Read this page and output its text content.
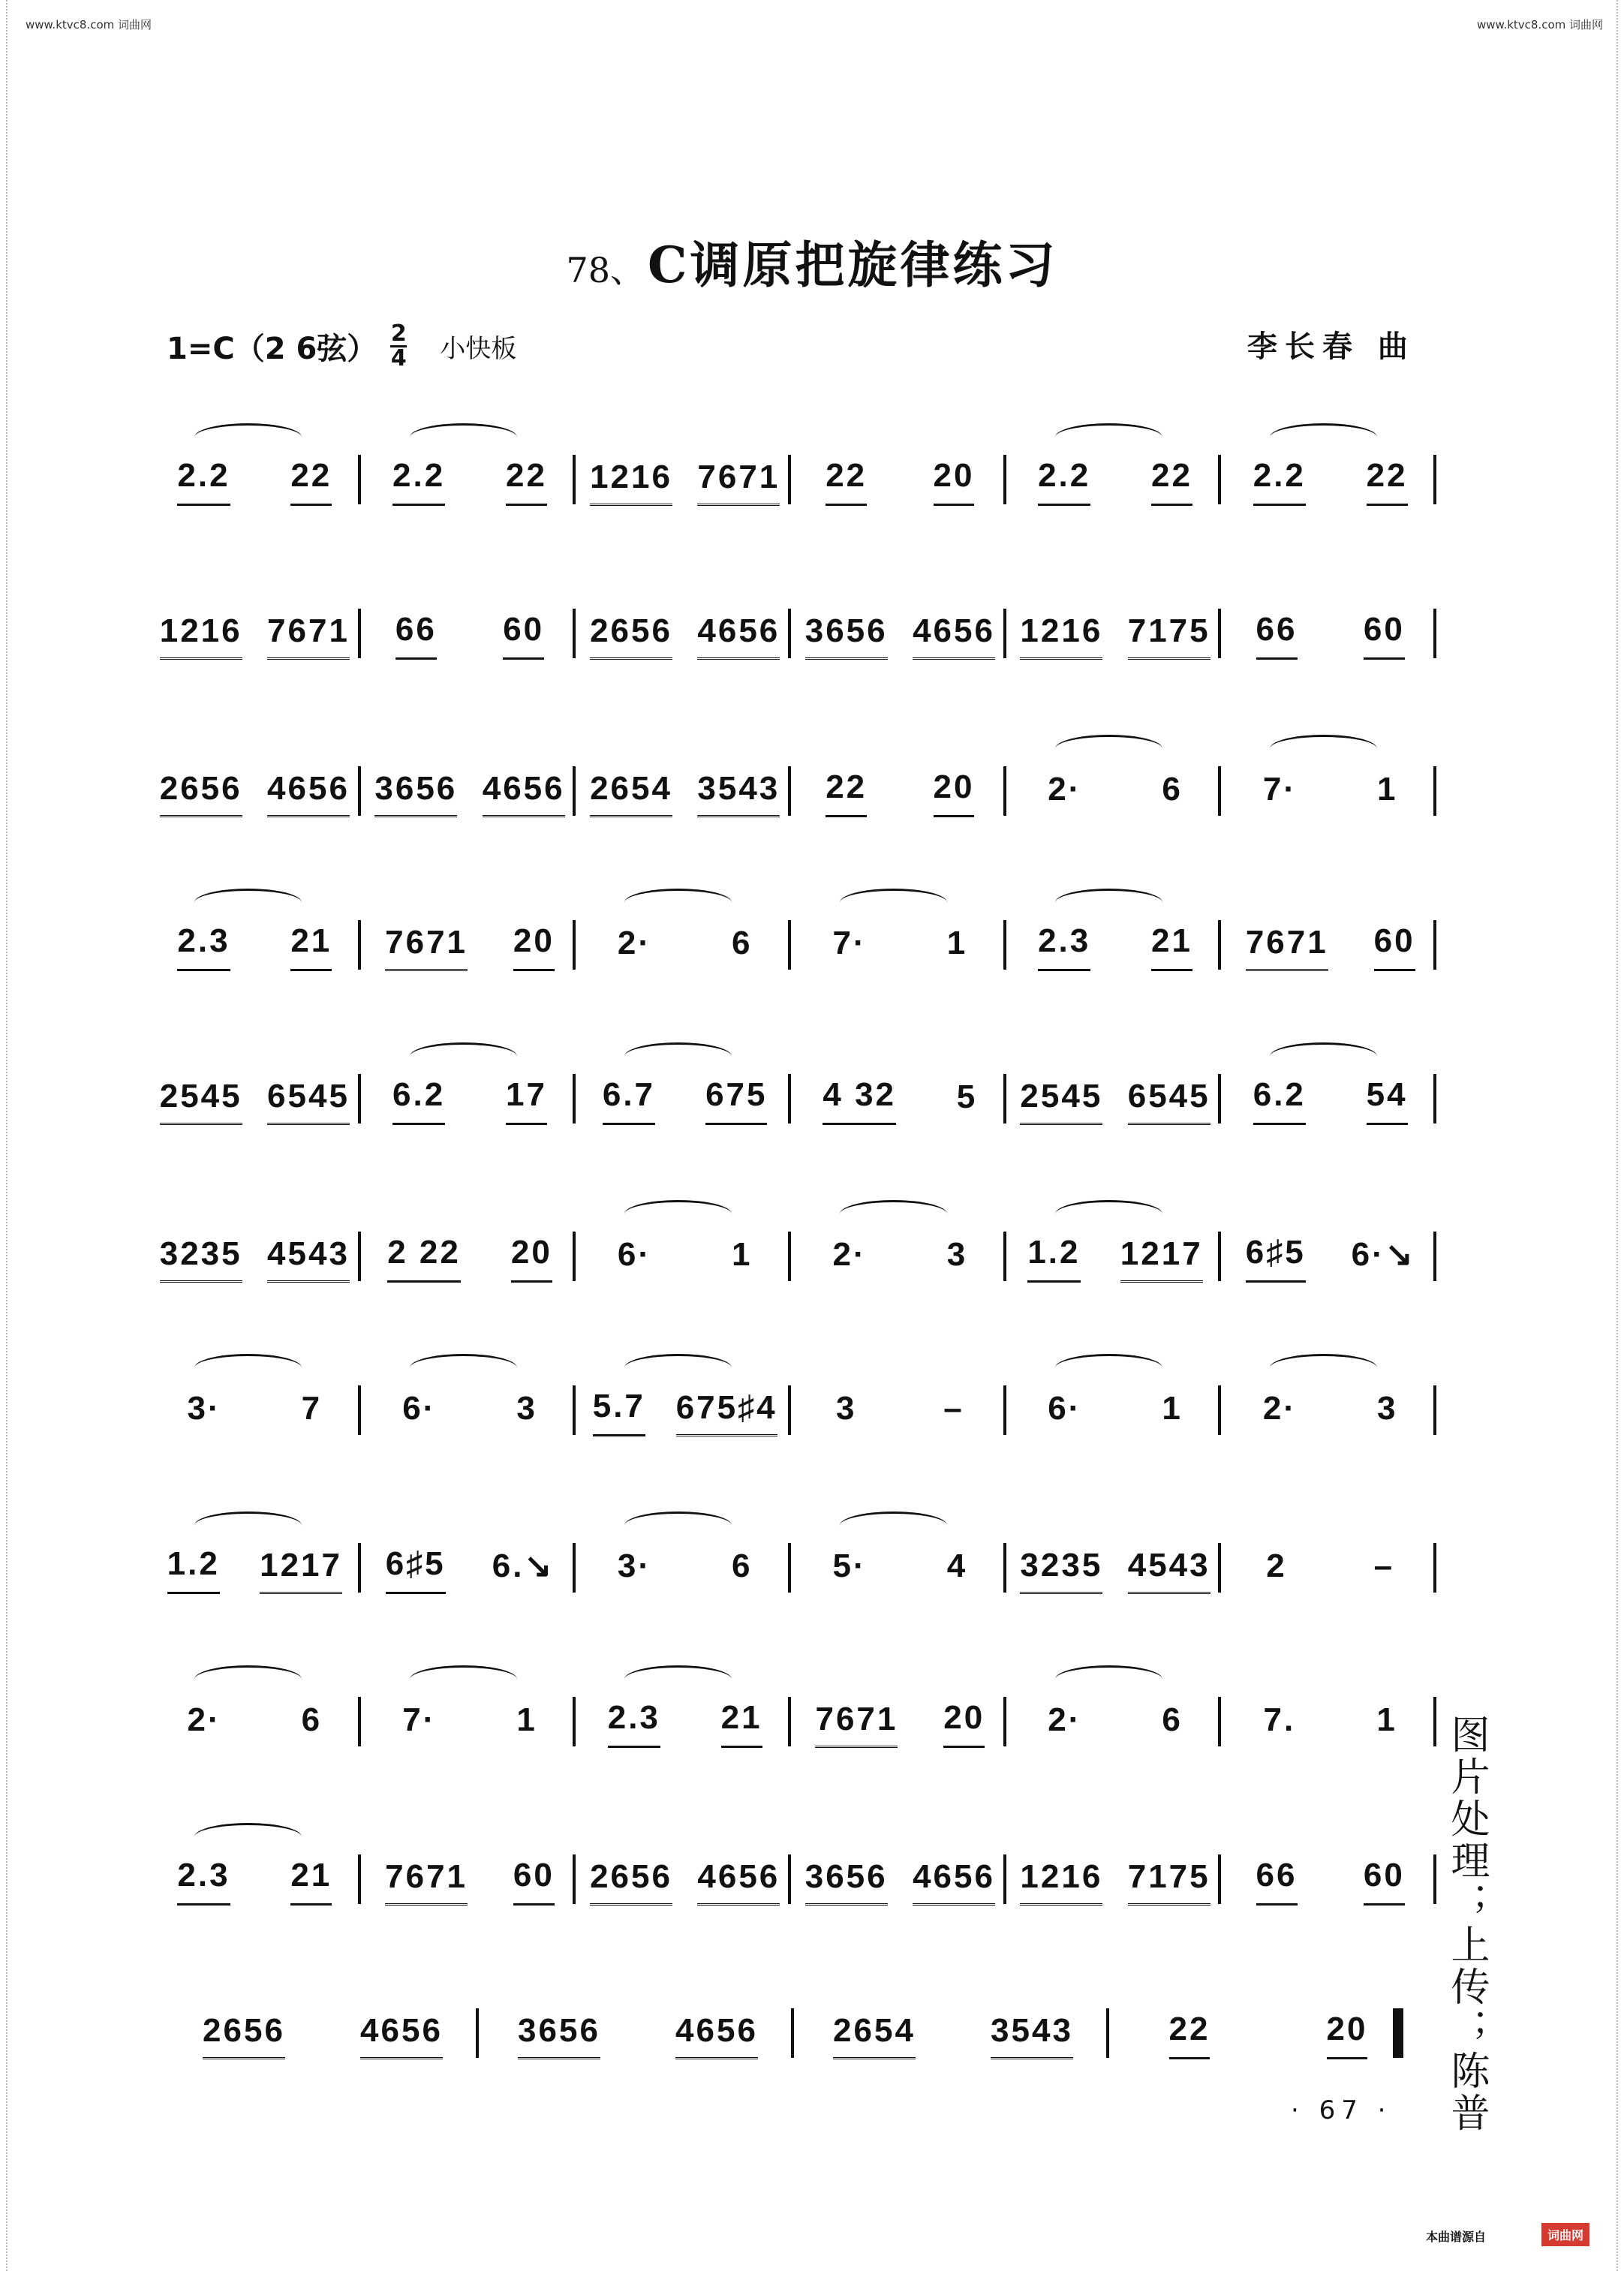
www.ktvc8.com 词曲网	www.ktvc8.com 词曲网
78、C调原把旋律练习
1=C（2 6弦） 2
4 小快板	李长春 曲
2.2 22 2.2 22 1216 7671 22 20 2.2 22 2.2 22
1216 7671 66 60 2656 4656 3656 4656 1216 7175 66 60
2656 4656 3656 4656 2654 3543 22 20 2· 6 7· 1
2.3 21 7671 20 2· 6 7· 1 2.3 21 7671 60
2545 6545 6.2 17 6.7 675 4 32 5 2545 6545 6.2 54
3235 4543 2 22 20 6· 1 2· 3 1.2 1217 6♯5 6·↘
3· 7 6· 3 5.7 675♯4 3	–	6· 1 2· 3
1.2 1217 6♯5 6.↘ 3· 6 5· 4 3235 4543 2	–
2· 6 7· 1 2.3 21 7671 20 2· 6 7. 1
2.3 21 7671 60 2656 4656 3656 4656 1216 7175 66 60
2656 4656 3656 4656 2654 3543	22	20 图片处理；上传；陈普
· 67 ·
本曲谱源自	词曲网
